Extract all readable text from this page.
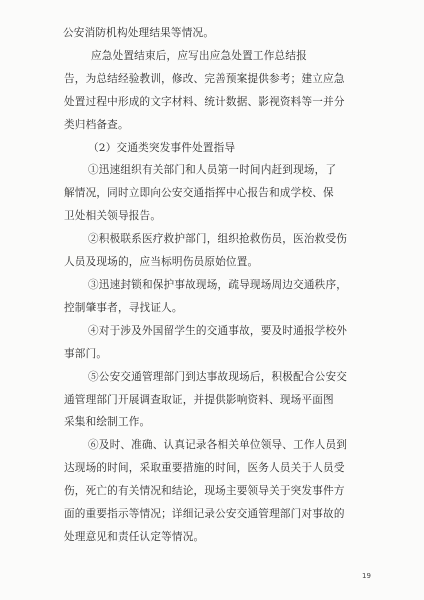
公安消防机构处理结果等情况。
应急处置结束后，应写出应急处置工作总结报
告，为总结经验教训，修改、完善预案提供参考；建立应急
处置过程中形成的文字材料、统计数据、影视资料等一并分
类归档备查。
（2）交通类突发事件处置指导
①迅速组织有关部门和人员第一时间内赶到现场，了
解情况，同时立即向公安交通指挥中心报告和成学校、保
卫处相关领导报告。
②积极联系医疗救护部门，组织抢救伤员，医治救受伤
人员及现场的，应当标明伤员原始位置。
③迅速封锁和保护事故现场，疏导现场周边交通秩序，
控制肇事者，寻找证人。
④对于涉及外国留学生的交通事故，要及时通报学校外
事部门。
⑤公安交通管理部门到达事故现场后，积极配合公安交
通管理部门开展调查取证，并提供影响资料、现场平面图
采集和绘制工作。
⑥及时、准确、认真记录各相关单位领导、工作人员到
达现场的时间，采取重要措施的时间，医务人员关于人员受
伤，死亡的有关情况和结论，现场主要领导关于突发事件方
面的重要指示等情况；详细记录公安交通管理部门对事故的
处理意见和责任认定等情况。
19
